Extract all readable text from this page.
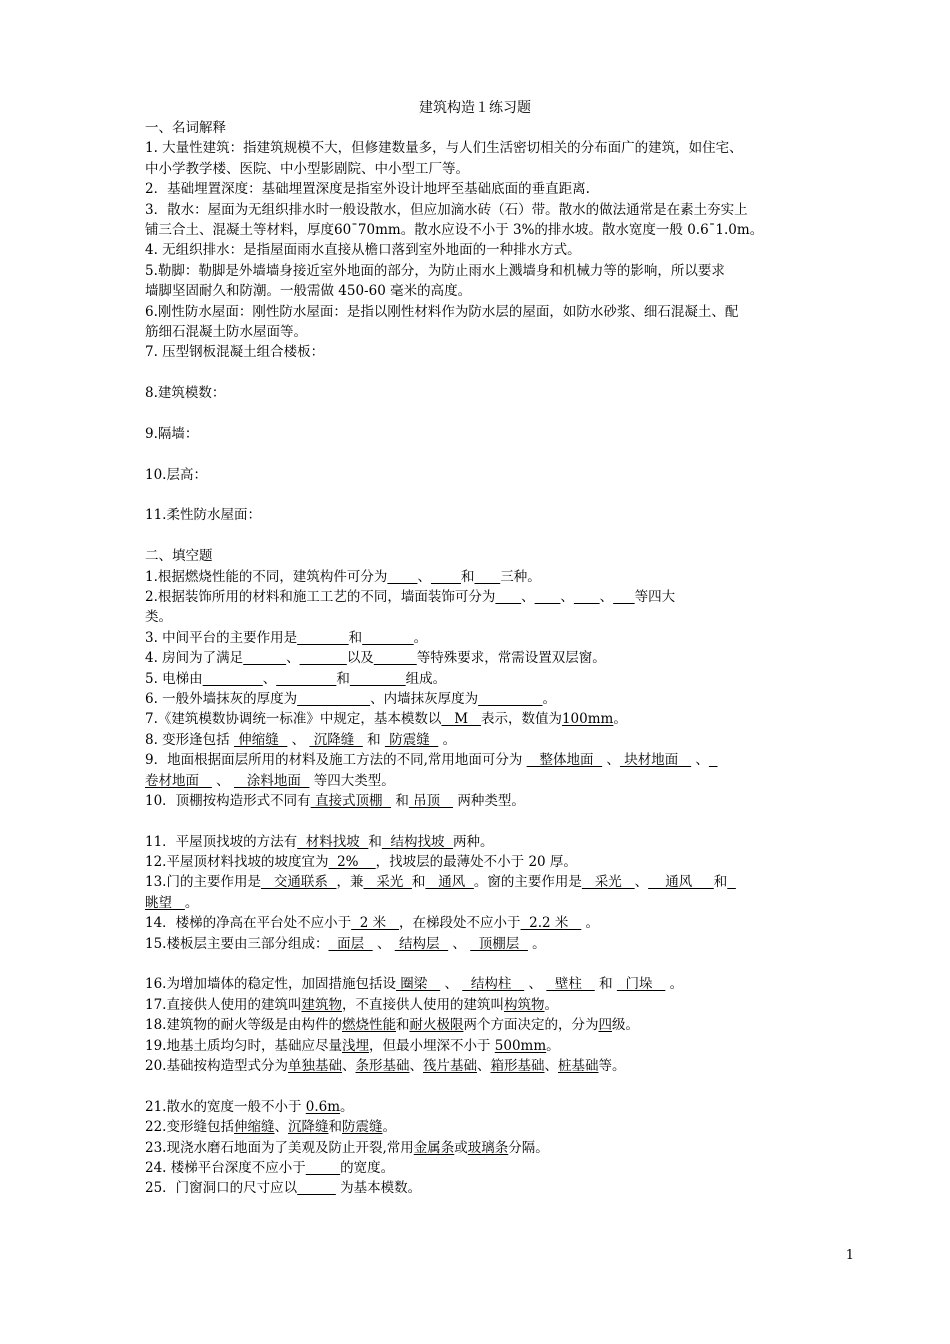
建筑构造１练习题
一、名词解释
1. 大量性建筑：指建筑规模不大，但修建数量多，与人们生活密切相关的分布面广的建筑，如住宅、
中小学教学楼、医院、中小型影剧院、中小型工厂等。
2．基础埋置深度：基础埋置深度是指室外设计地坪至基础底面的垂直距离.
3．散水：屋面为无组织排水时一般设散水，但应加滴水砖（石）带。散水的做法通常是在素土夯实上
铺三合土、混凝土等材料，厚度60¯70mm。散水应设不小于 3%的排水坡。散水宽度一般 0.6¯1.0m。
4. 无组织排水：是指屋面雨水直接从檐口落到室外地面的一种排水方式。
5.勒脚：勒脚是外墙墙身接近室外地面的部分，为防止雨水上溅墙身和机械力等的影响，所以要求
墙脚坚固耐久和防潮。一般需做 450-60 毫米的高度。
6.刚性防水屋面：刚性防水屋面：是指以刚性材料作为防水层的屋面，如防水砂浆、细石混凝土、配
筋细石混凝土防水屋面等。
7. 压型钢板混凝土组合楼板：
8.建筑模数：
9.隔墙：
10.层高：
11.柔性防水屋面：
二、填空题
1.根据燃烧性能的不同，建筑构件可分为 、 和 三种。
2.根据装饰所用的材料和施工工艺的不同，墙面装饰可分为 、 、 、 等四大
类。
3. 中间平台的主要作用是	和	。
4. 房间为了满足	、	以及	等特殊要求，常需设置双层窗。
5. 电梯由	、	和	组成。
6. 一般外墙抹灰的厚度为	、内墙抹灰厚度为	。
7.《建筑模数协调统一标准》中规定，基本模数以   M   表示，数值为100mm。
8. 变形逢包括  伸缩缝   、  沉降缝   和  防震缝   。
9．地面根据面层所用的材料及施工方法的不同,常用地面可分为    整体地面   、 块材地面    、
卷材地面    、    涂料地面   等四大类型。
10．顶棚按构造形式不同有 直接式顶棚   和 吊顶    两种类型。
11．平屋顶找坡的方法有  材料找坡  和  结构找坡  两种。
12.平屋顶材料找坡的坡度宜为  2%    ，找坡层的最薄处不小于 20 厚。
13.门的主要作用是   交通联系  ，兼   采光  和   通风  。窗的主要作用是   采光   、    通风     和
眺望   。
14．楼梯的净高在平台处不应小于  2 米   ，在梯段处不应小于  2.2 米    。
15.楼板层主要由三部分组成：  面层   、  结构层   、   顶棚层   。
16.为增加墙体的稳定性，加固措施包括设 圈梁    、   结构柱    、   壁柱    和   门垛    。
17.直接供人使用的建筑叫建筑物，不直接供人使用的建筑叫构筑物。
18.建筑物的耐火等级是由构件的燃烧性能和耐火极限两个方面决定的，分为四级。
19.地基土质均匀时，基础应尽量浅埋，但最小埋深不小于 500mm。
20.基础按构造型式分为单独基础、条形基础、筏片基础、箱形基础、桩基础等。
21.散水的宽度一般不小于 0.6m。
22.变形缝包括伸缩缝、沉降缝和防震缝。
23.现浇水磨石地面为了美观及防止开裂,常用金属条或玻璃条分隔。
24. 楼梯平台深度不应小于	的宽度。
25．门窗洞口的尺寸应以	为基本模数。
1
